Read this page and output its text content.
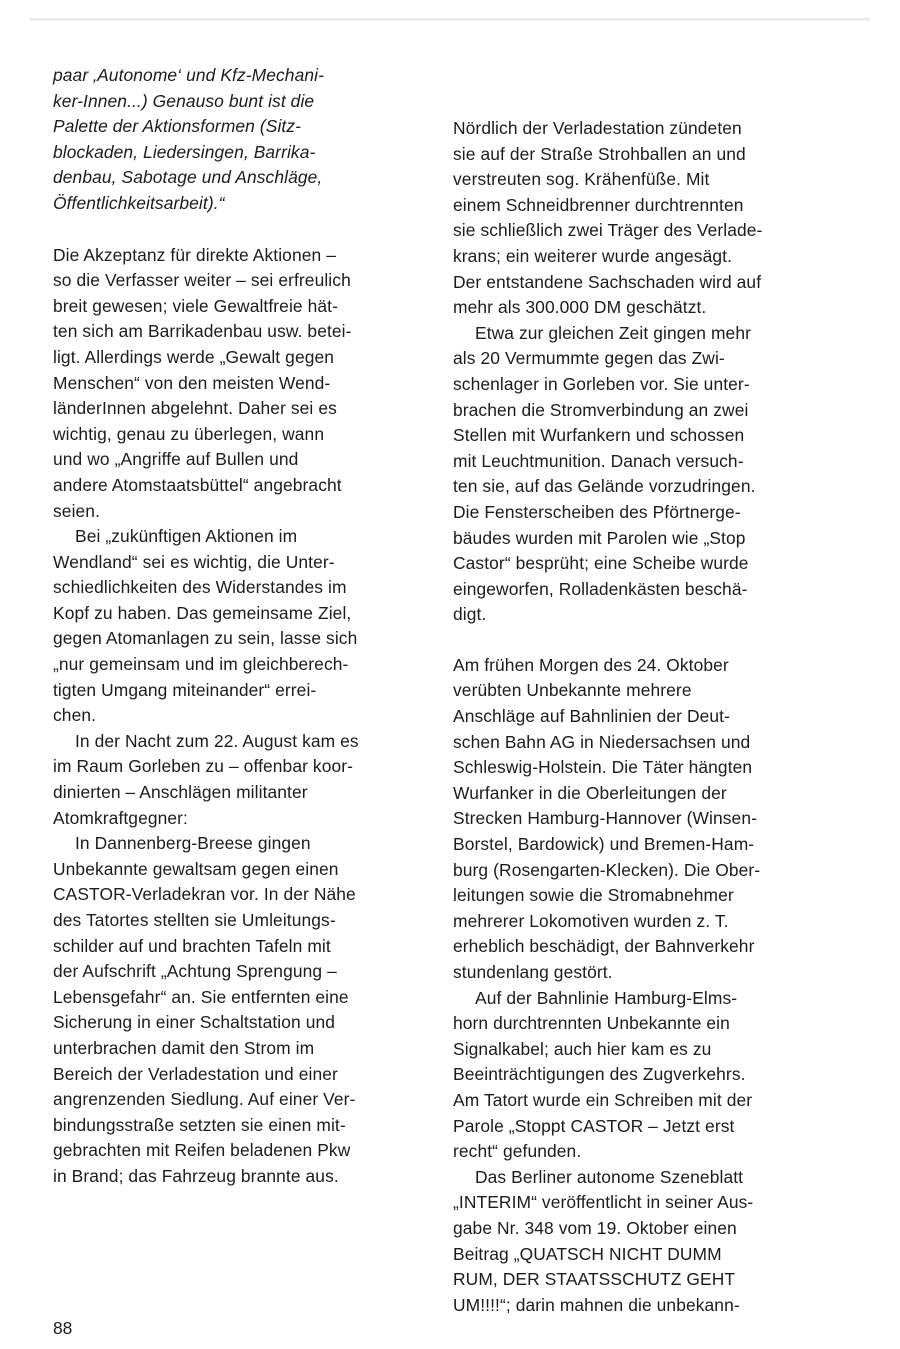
paar ‚Autonome‘ und Kfz-Mechani-

ker-Innen...) Genauso bunt ist die

Palette der Aktionsformen (Sitz-

blockaden, Liedersingen, Barrika-

denbau, Sabotage und Anschläge,

Öffentlichkeitsarbeit).“

Die Akzeptanz für direkte Aktionen –

so die Verfasser weiter – sei erfreulich

breit gewesen; viele Gewaltfreie hät-

ten sich am Barrikadenbau usw. betei-

ligt. Allerdings werde „Gewalt gegen

Menschen“ von den meisten Wend-

länderInnen abgelehnt. Daher sei es

wichtig, genau zu überlegen, wann

und wo „Angriffe auf Bullen und

andere Atomstaatsbüttel“ angebracht

seien.

Bei „zukünftigen Aktionen im

Wendland“ sei es wichtig, die Unter-

schiedlichkeiten des Widerstandes im

Kopf zu haben. Das gemeinsame Ziel,

gegen Atomanlagen zu sein, lasse sich

„nur gemeinsam und im gleichberech-

tigten Umgang miteinander“ errei-

chen.

In der Nacht zum 22. August kam es

im Raum Gorleben zu – offenbar koor-

dinierten – Anschlägen militanter

Atomkraftgegner:

In Dannenberg-Breese gingen

Unbekannte gewaltsam gegen einen

CASTOR-Verladekran vor. In der Nähe

des Tatortes stellten sie Umleitungs-

schilder auf und brachten Tafeln mit

der Aufschrift „Achtung Sprengung –

Lebensgefahr“ an. Sie entfernten eine

Sicherung in einer Schaltstation und

unterbrachen damit den Strom im

Bereich der Verladestation und einer

angrenzenden Siedlung. Auf einer Ver-

bindungsstraße setzten sie einen mit-

gebrachten mit Reifen beladenen Pkw

in Brand; das Fahrzeug brannte aus.

Nördlich der Verladestation zündeten

sie auf der Straße Strohballen an und

verstreuten sog. Krähenfüße. Mit

einem Schneidbrenner durchtrennten

sie schließlich zwei Träger des Verlade-

krans; ein weiterer wurde angesägt.

Der entstandene Sachschaden wird auf

mehr als 300.000 DM geschätzt.

Etwa zur gleichen Zeit gingen mehr

als 20 Vermummte gegen das Zwi-

schenlager in Gorleben vor. Sie unter-

brachen die Stromverbindung an zwei

Stellen mit Wurfankern und schossen

mit Leuchtmunition. Danach versuch-

ten sie, auf das Gelände vorzudringen.

Die Fensterscheiben des Pförtnerge-

bäudes wurden mit Parolen wie „Stop

Castor“ besprüht; eine Scheibe wurde

eingeworfen, Rolladenkästen beschä-

digt.

Am frühen Morgen des 24. Oktober

verübten Unbekannte mehrere

Anschläge auf Bahnlinien der Deut-

schen Bahn AG in Niedersachsen und

Schleswig-Holstein. Die Täter hängten

Wurfanker in die Oberleitungen der

Strecken Hamburg-Hannover (Winsen-

Borstel, Bardowick) und Bremen-Ham-

burg (Rosengarten-Klecken). Die Ober-

leitungen sowie die Stromabnehmer

mehrerer Lokomotiven wurden z. T.

erheblich beschädigt, der Bahnverkehr

stundenlang gestört.

Auf der Bahnlinie Hamburg-Elms-

horn durchtrennten Unbekannte ein

Signalkabel; auch hier kam es zu

Beeinträchtigungen des Zugverkehrs.

Am Tatort wurde ein Schreiben mit der

Parole „Stoppt CASTOR – Jetzt erst

recht“ gefunden.

Das Berliner autonome Szeneblatt

„INTERIM“ veröffentlicht in seiner Aus-

gabe Nr. 348 vom 19. Oktober einen

Beitrag „QUATSCH NICHT DUMM

RUM, DER STAATSSCHUTZ GEHT

UM!!!!“; darin mahnen die unbekann-

88
